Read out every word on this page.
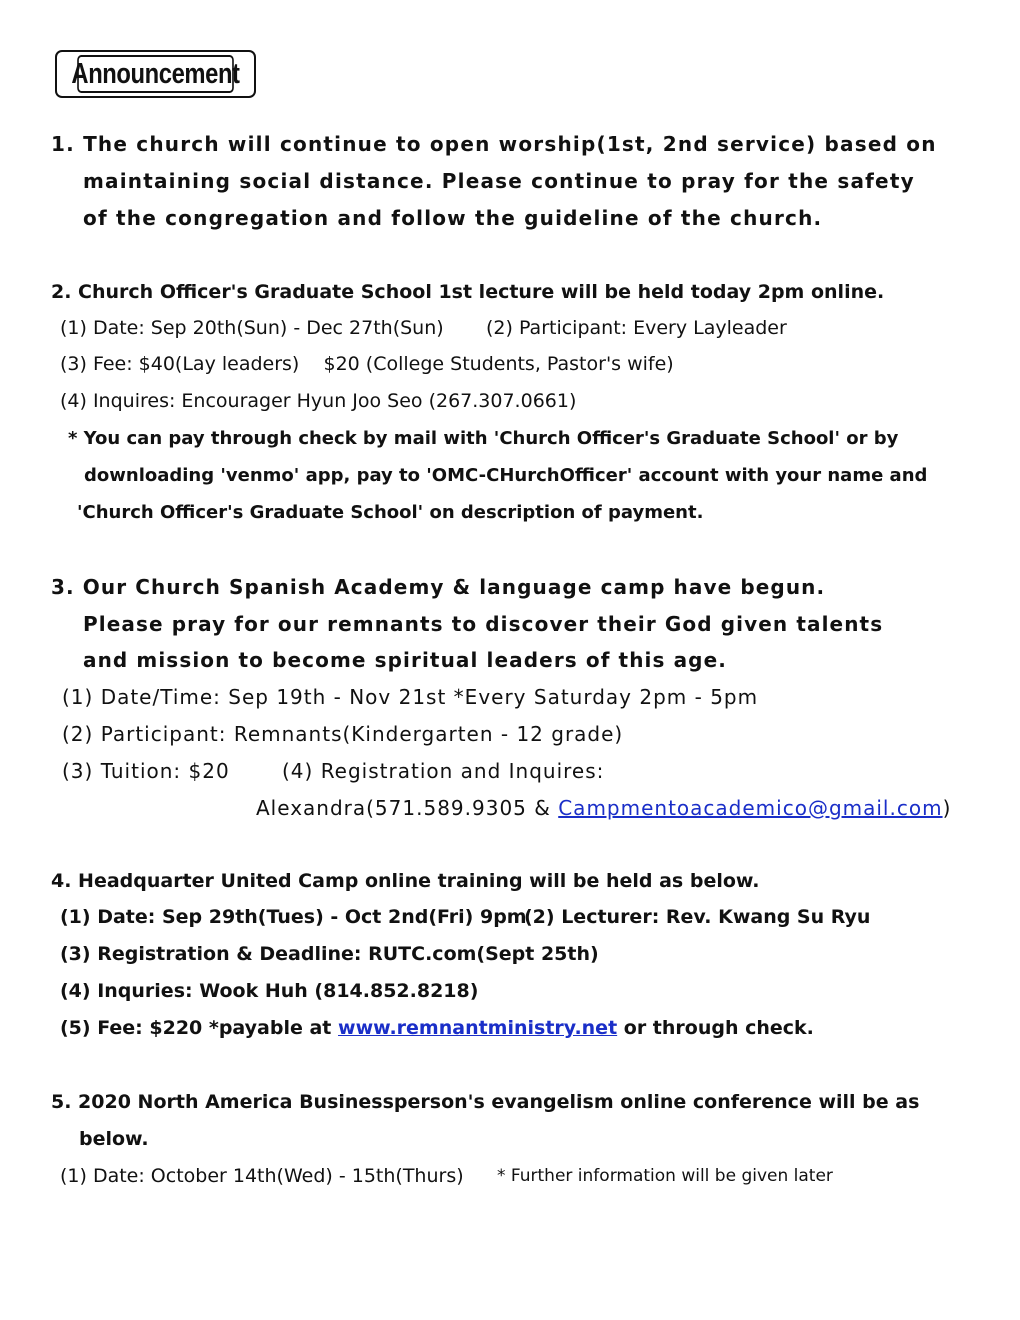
Announcement
1. The church will continue to open worship(1st, 2nd service) based on
maintaining social distance. Please continue to pray for the safety
of the congregation and follow the guideline of the church.
2. Church Officer's Graduate School 1st lecture will be held today 2pm online.
(1) Date: Sep 20th(Sun) - Dec 27th(Sun) (2) Participant: Every Layleader
(3) Fee: $40(Lay leaders)    $20 (College Students, Pastor's wife)
(4) Inquires: Encourager Hyun Joo Seo (267.307.0661)
* You can pay through check by mail with 'Church Officer's Graduate School' or by
downloading 'venmo' app, pay to 'OMC-CHurchOfficer' account with your name and
'Church Officer's Graduate School' on description of payment.
3. Our Church Spanish Academy & language camp have begun.
Please pray for our remnants to discover their God given talents
and mission to become spiritual leaders of this age.
(1) Date/Time: Sep 19th - Nov 21st *Every Saturday 2pm - 5pm
(2) Participant: Remnants(Kindergarten - 12 grade)
(3) Tuition: $20	(4) Registration and Inquires:
Alexandra(571.589.9305 & Campmentoacademico@gmail.com)
4. Headquarter United Camp online training will be held as below.
(1) Date: Sep 29th(Tues) - Oct 2nd(Fri) 9pm
(2) Lecturer: Rev. Kwang Su Ryu
(3) Registration & Deadline: RUTC.com(Sept 25th)
(4) Inquries: Wook Huh (814.852.8218)
(5) Fee: $220 *payable at www.remnantministry.net or through check.
5. 2020 North America Businessperson's evangelism online conference will be as
below.
(1) Date: October 14th(Wed) - 15th(Thurs) * Further information will be given later
